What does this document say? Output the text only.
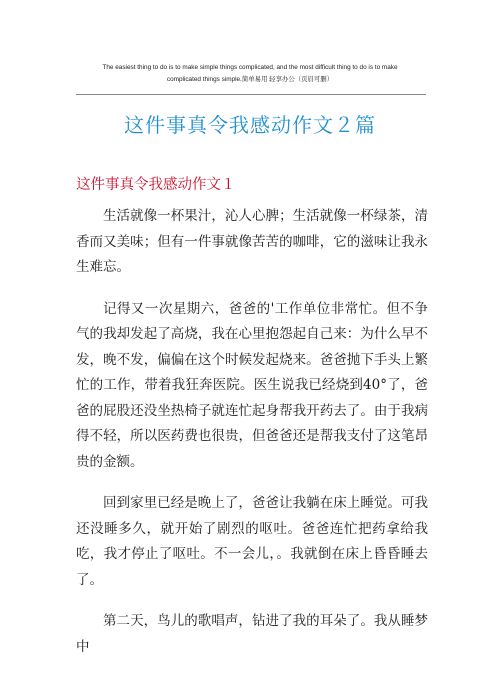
The easiest thing to do is to make simple things complicated, and the most difficult thing to do is to make
complicated things simple.简单易用 轻享办公（页眉可删）
这件事真令我感动作文２篇
这件事真令我感动作文１

生活就像一杯果汁，沁人心脾；生活就像一杯绿茶，清香而又美味；但有一件事就像苦苦的咖啡，它的滋味让我永生难忘。

记得又一次星期六，爸爸的'工作单位非常忙。但不争气的我却发起了高烧，我在心里抱怨起自己来：为什么早不发，晚不发，偏偏在这个时候发起烧来。爸爸抛下手头上繁忙的工作，带着我狂奔医院。医生说我已经烧到40°了，爸爸的屁股还没坐热椅子就连忙起身帮我开药去了。由于我病得不轻，所以医药费也很贵，但爸爸还是帮我支付了这笔昂贵的金额。

回到家里已经是晚上了，爸爸让我躺在床上睡觉。可我还没睡多久，就开始了剧烈的呕吐。爸爸连忙把药拿给我吃，我才停止了呕吐。不一会儿，。我就倒在床上昏昏睡去了。

第二天，鸟儿的歌唱声，钻进了我的耳朵了。我从睡梦中
